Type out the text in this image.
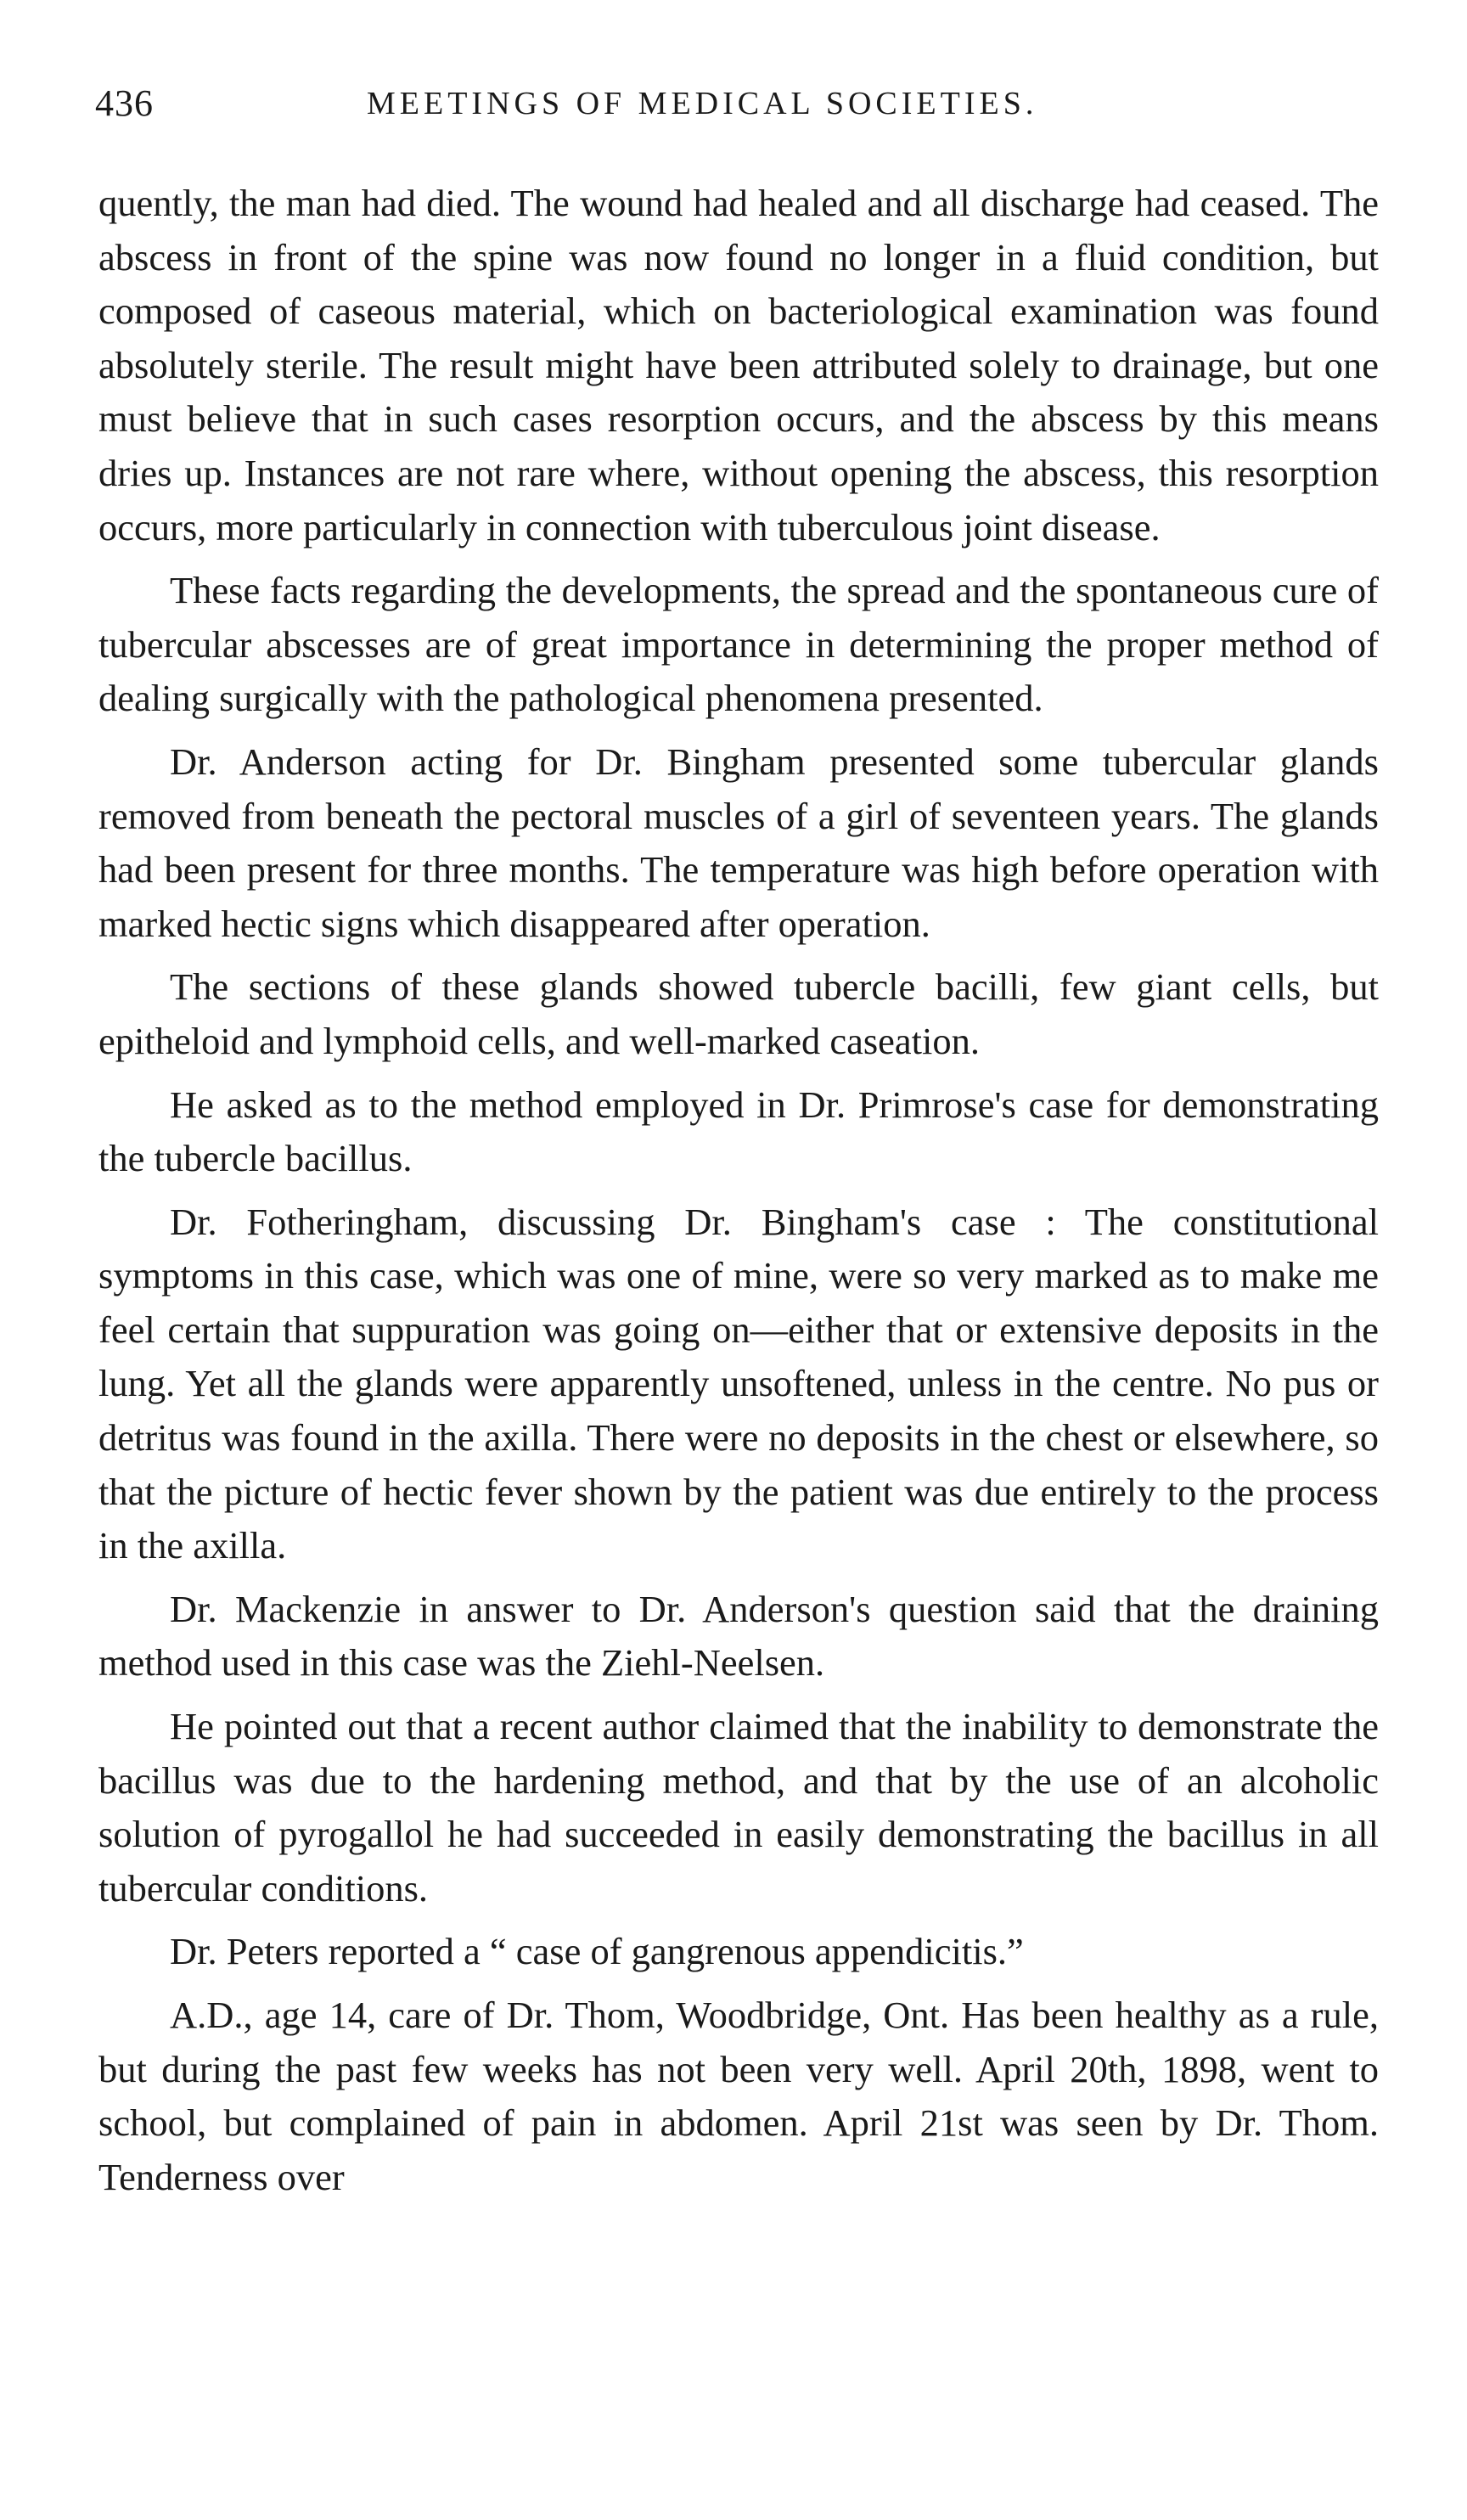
436	MEETINGS OF MEDICAL SOCIETIES.

quently, the man had died. The wound had healed and all discharge had ceased. The abscess in front of the spine was now found no longer in a fluid condition, but composed of caseous material, which on bacteriological examination was found absolutely sterile. The result might have been attributed solely to drainage, but one must believe that in such cases resorption occurs, and the abscess by this means dries up. Instances are not rare where, without opening the abscess, this resorption occurs, more particularly in connection with tuberculous joint disease.

These facts regarding the developments, the spread and the spontaneous cure of tubercular abscesses are of great importance in determining the proper method of dealing surgically with the pathological phenomena presented.

Dr. Anderson acting for Dr. Bingham presented some tubercular glands removed from beneath the pectoral muscles of a girl of seventeen years. The glands had been present for three months. The temperature was high before operation with marked hectic signs which disappeared after operation.

The sections of these glands showed tubercle bacilli, few giant cells, but epitheloid and lymphoid cells, and well-marked caseation.

He asked as to the method employed in Dr. Primrose's case for demonstrating the tubercle bacillus.

Dr. Fotheringham, discussing Dr. Bingham's case : The constitutional symptoms in this case, which was one of mine, were so very marked as to make me feel certain that suppuration was going on—either that or extensive deposits in the lung. Yet all the glands were apparently unsoftened, unless in the centre. No pus or detritus was found in the axilla. There were no deposits in the chest or elsewhere, so that the picture of hectic fever shown by the patient was due entirely to the process in the axilla.

Dr. Mackenzie in answer to Dr. Anderson's question said that the draining method used in this case was the Ziehl-Neelsen.

He pointed out that a recent author claimed that the inability to demonstrate the bacillus was due to the hardening method, and that by the use of an alcoholic solution of pyrogallol he had succeeded in easily demonstrating the bacillus in all tubercular conditions.

Dr. Peters reported a “ case of gangrenous appendicitis.”

A.D., age 14, care of Dr. Thom, Woodbridge, Ont. Has been healthy as a rule, but during the past few weeks has not been very well. April 20th, 1898, went to school, but complained of pain in abdomen. April 21st was seen by Dr. Thom. Tenderness over
